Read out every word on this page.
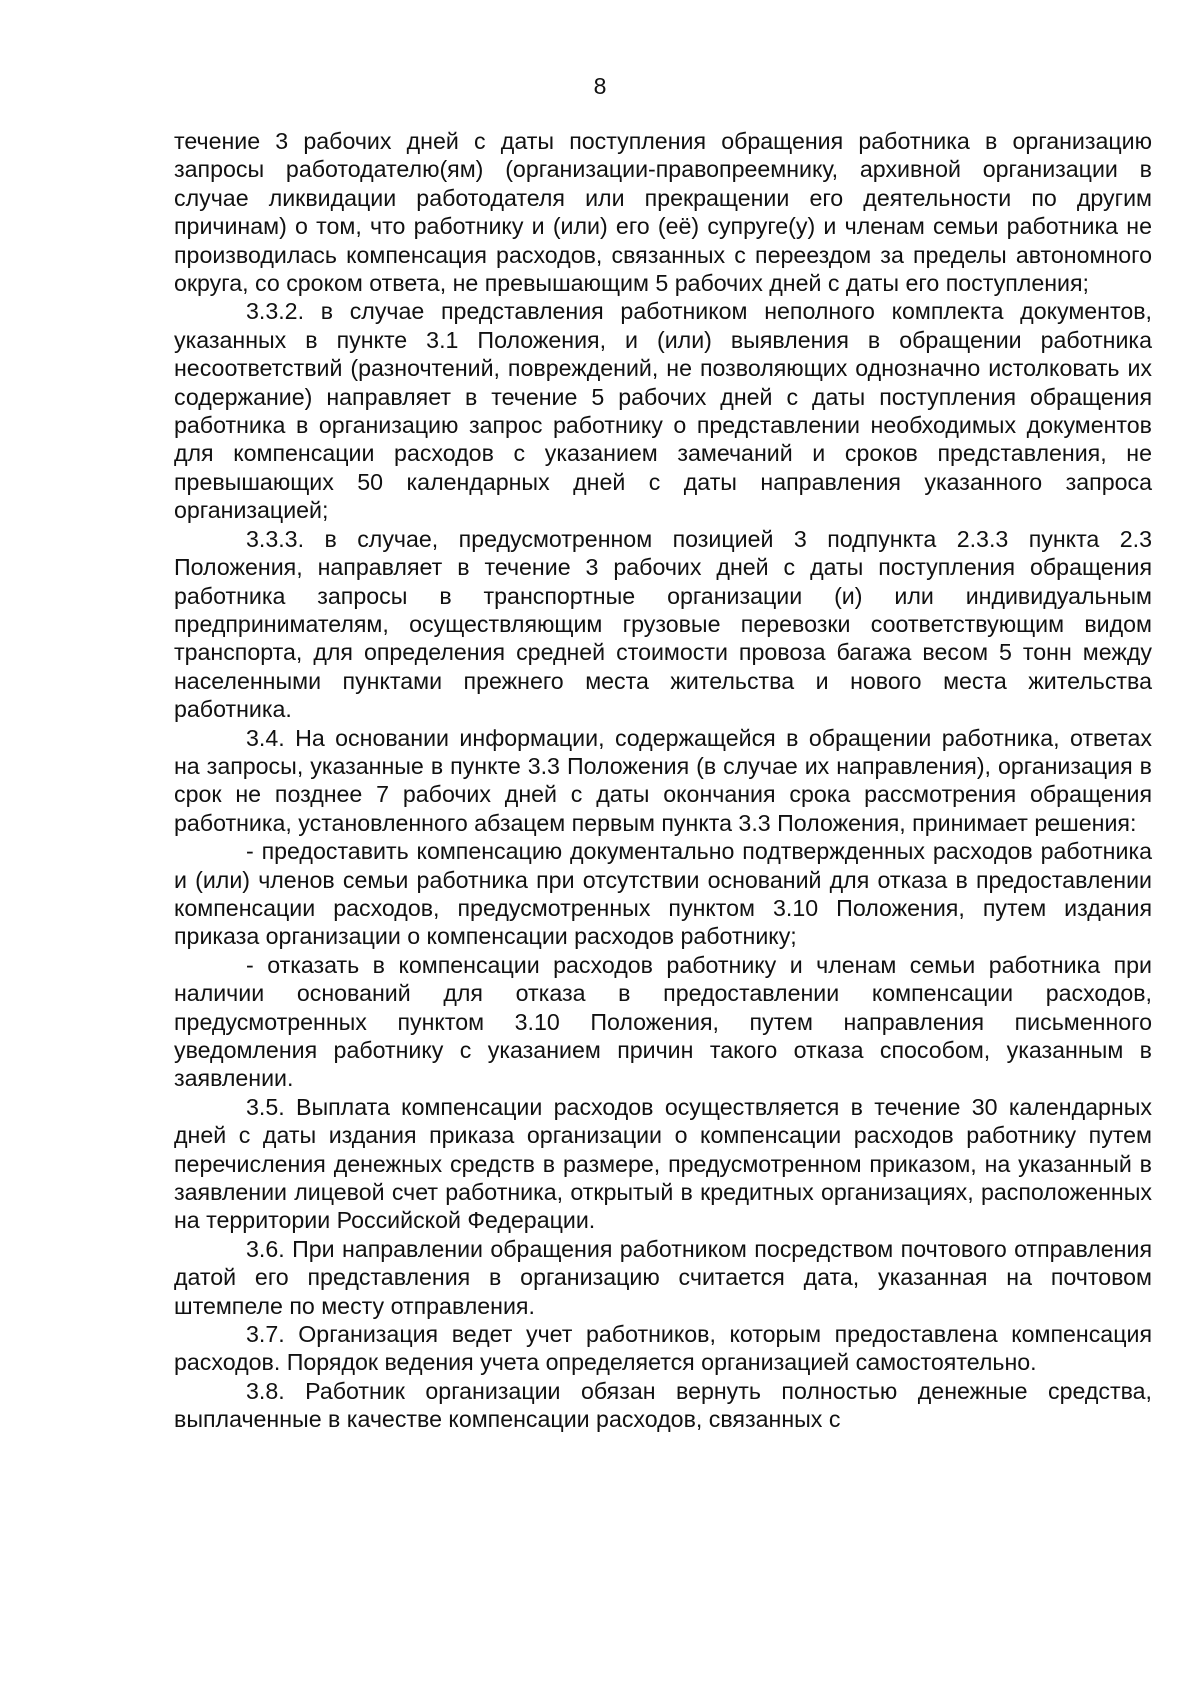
8

течение 3 рабочих дней с даты поступления обращения работника в организацию запросы работодателю(ям) (организации-правопреемнику, архивной организации в случае ликвидации работодателя или прекращении его деятельности по другим причинам) о том, что работнику и (или) его (её) супруге(у) и членам семьи работника не производилась компенсация расходов, связанных с переездом за пределы автономного округа, со сроком ответа, не превышающим 5 рабочих дней с даты его поступления;

3.3.2. в случае представления работником неполного комплекта документов, указанных в пункте 3.1 Положения, и (или) выявления в обращении работника несоответствий (разночтений, повреждений, не позволяющих однозначно истолковать их содержание) направляет в течение 5 рабочих дней с даты поступления обращения работника в организацию запрос работнику о представлении необходимых документов для компенсации расходов с указанием замечаний и сроков представления, не превышающих 50 календарных дней с даты направления указанного запроса организацией;

3.3.3. в случае, предусмотренном позицией 3 подпункта 2.3.3 пункта 2.3 Положения, направляет в течение 3 рабочих дней с даты поступления обращения работника запросы в транспортные организации (и) или индивидуальным предпринимателям, осуществляющим грузовые перевозки соответствующим видом транспорта, для определения средней стоимости провоза багажа весом 5 тонн между населенными пунктами прежнего места жительства и нового места жительства работника.

3.4. На основании информации, содержащейся в обращении работника, ответах на запросы, указанные в пункте 3.3 Положения (в случае их направления), организация в срок не позднее 7 рабочих дней с даты окончания срока рассмотрения обращения работника, установленного абзацем первым пункта 3.3 Положения, принимает решения:

- предоставить компенсацию документально подтвержденных расходов работника и (или) членов семьи работника при отсутствии оснований для отказа в предоставлении компенсации расходов, предусмотренных пунктом 3.10 Положения, путем издания приказа организации о компенсации расходов работнику;

- отказать в компенсации расходов работнику и членам семьи работника при наличии оснований для отказа в предоставлении компенсации расходов, предусмотренных пунктом 3.10 Положения, путем направления письменного уведомления работнику с указанием причин такого отказа способом, указанным в заявлении.

3.5. Выплата компенсации расходов осуществляется в течение 30 календарных дней с даты издания приказа организации о компенсации расходов работнику путем перечисления денежных средств в размере, предусмотренном приказом, на указанный в заявлении лицевой счет работника, открытый в кредитных организациях, расположенных на территории Российской Федерации.

3.6. При направлении обращения работником посредством почтового отправления датой его представления в организацию считается дата, указанная на почтовом штемпеле по месту отправления.

3.7. Организация ведет учет работников, которым предоставлена компенсация расходов. Порядок ведения учета определяется организацией самостоятельно.

3.8. Работник организации обязан вернуть полностью денежные средства, выплаченные в качестве компенсации расходов, связанных с
